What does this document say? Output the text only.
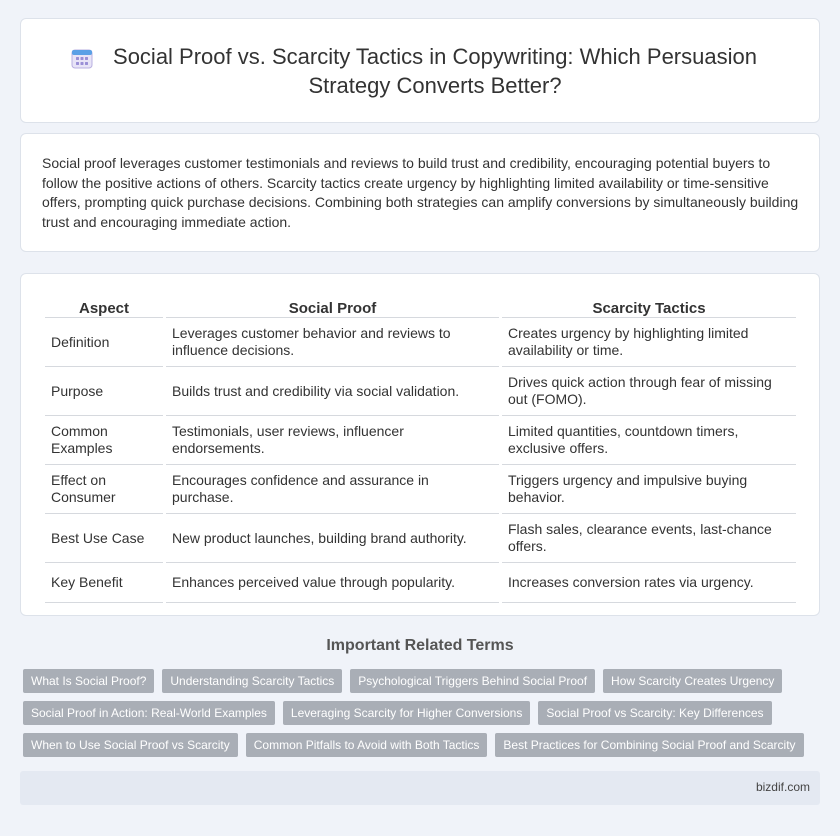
Social Proof vs. Scarcity Tactics in Copywriting: Which Persuasion Strategy Converts Better?

Social proof leverages customer testimonials and reviews to build trust and credibility, encouraging potential buyers to follow the positive actions of others. Scarcity tactics create urgency by highlighting limited availability or time-sensitive offers, prompting quick purchase decisions. Combining both strategies can amplify conversions by simultaneously building trust and encouraging immediate action.

Aspect	Social Proof	Scarcity Tactics
Definition	Leverages customer behavior and reviews to influence decisions.	Creates urgency by highlighting limited availability or time.
Purpose	Builds trust and credibility via social validation.	Drives quick action through fear of missing out (FOMO).
Common Examples	Testimonials, user reviews, influencer endorsements.	Limited quantities, countdown timers, exclusive offers.
Effect on Consumer	Encourages confidence and assurance in purchase.	Triggers urgency and impulsive buying behavior.
Best Use Case	New product launches, building brand authority.	Flash sales, clearance events, last-chance offers.
Key Benefit	Enhances perceived value through popularity.	Increases conversion rates via urgency.
Important Related Terms
What Is Social Proof?	Understanding Scarcity Tactics	Psychological Triggers Behind Social Proof	How Scarcity Creates Urgency
Social Proof in Action: Real-World Examples	Leveraging Scarcity for Higher Conversions	Social Proof vs Scarcity: Key Differences
When to Use Social Proof vs Scarcity	Common Pitfalls to Avoid with Both Tactics	Best Practices for Combining Social Proof and Scarcity
bizdif.com
